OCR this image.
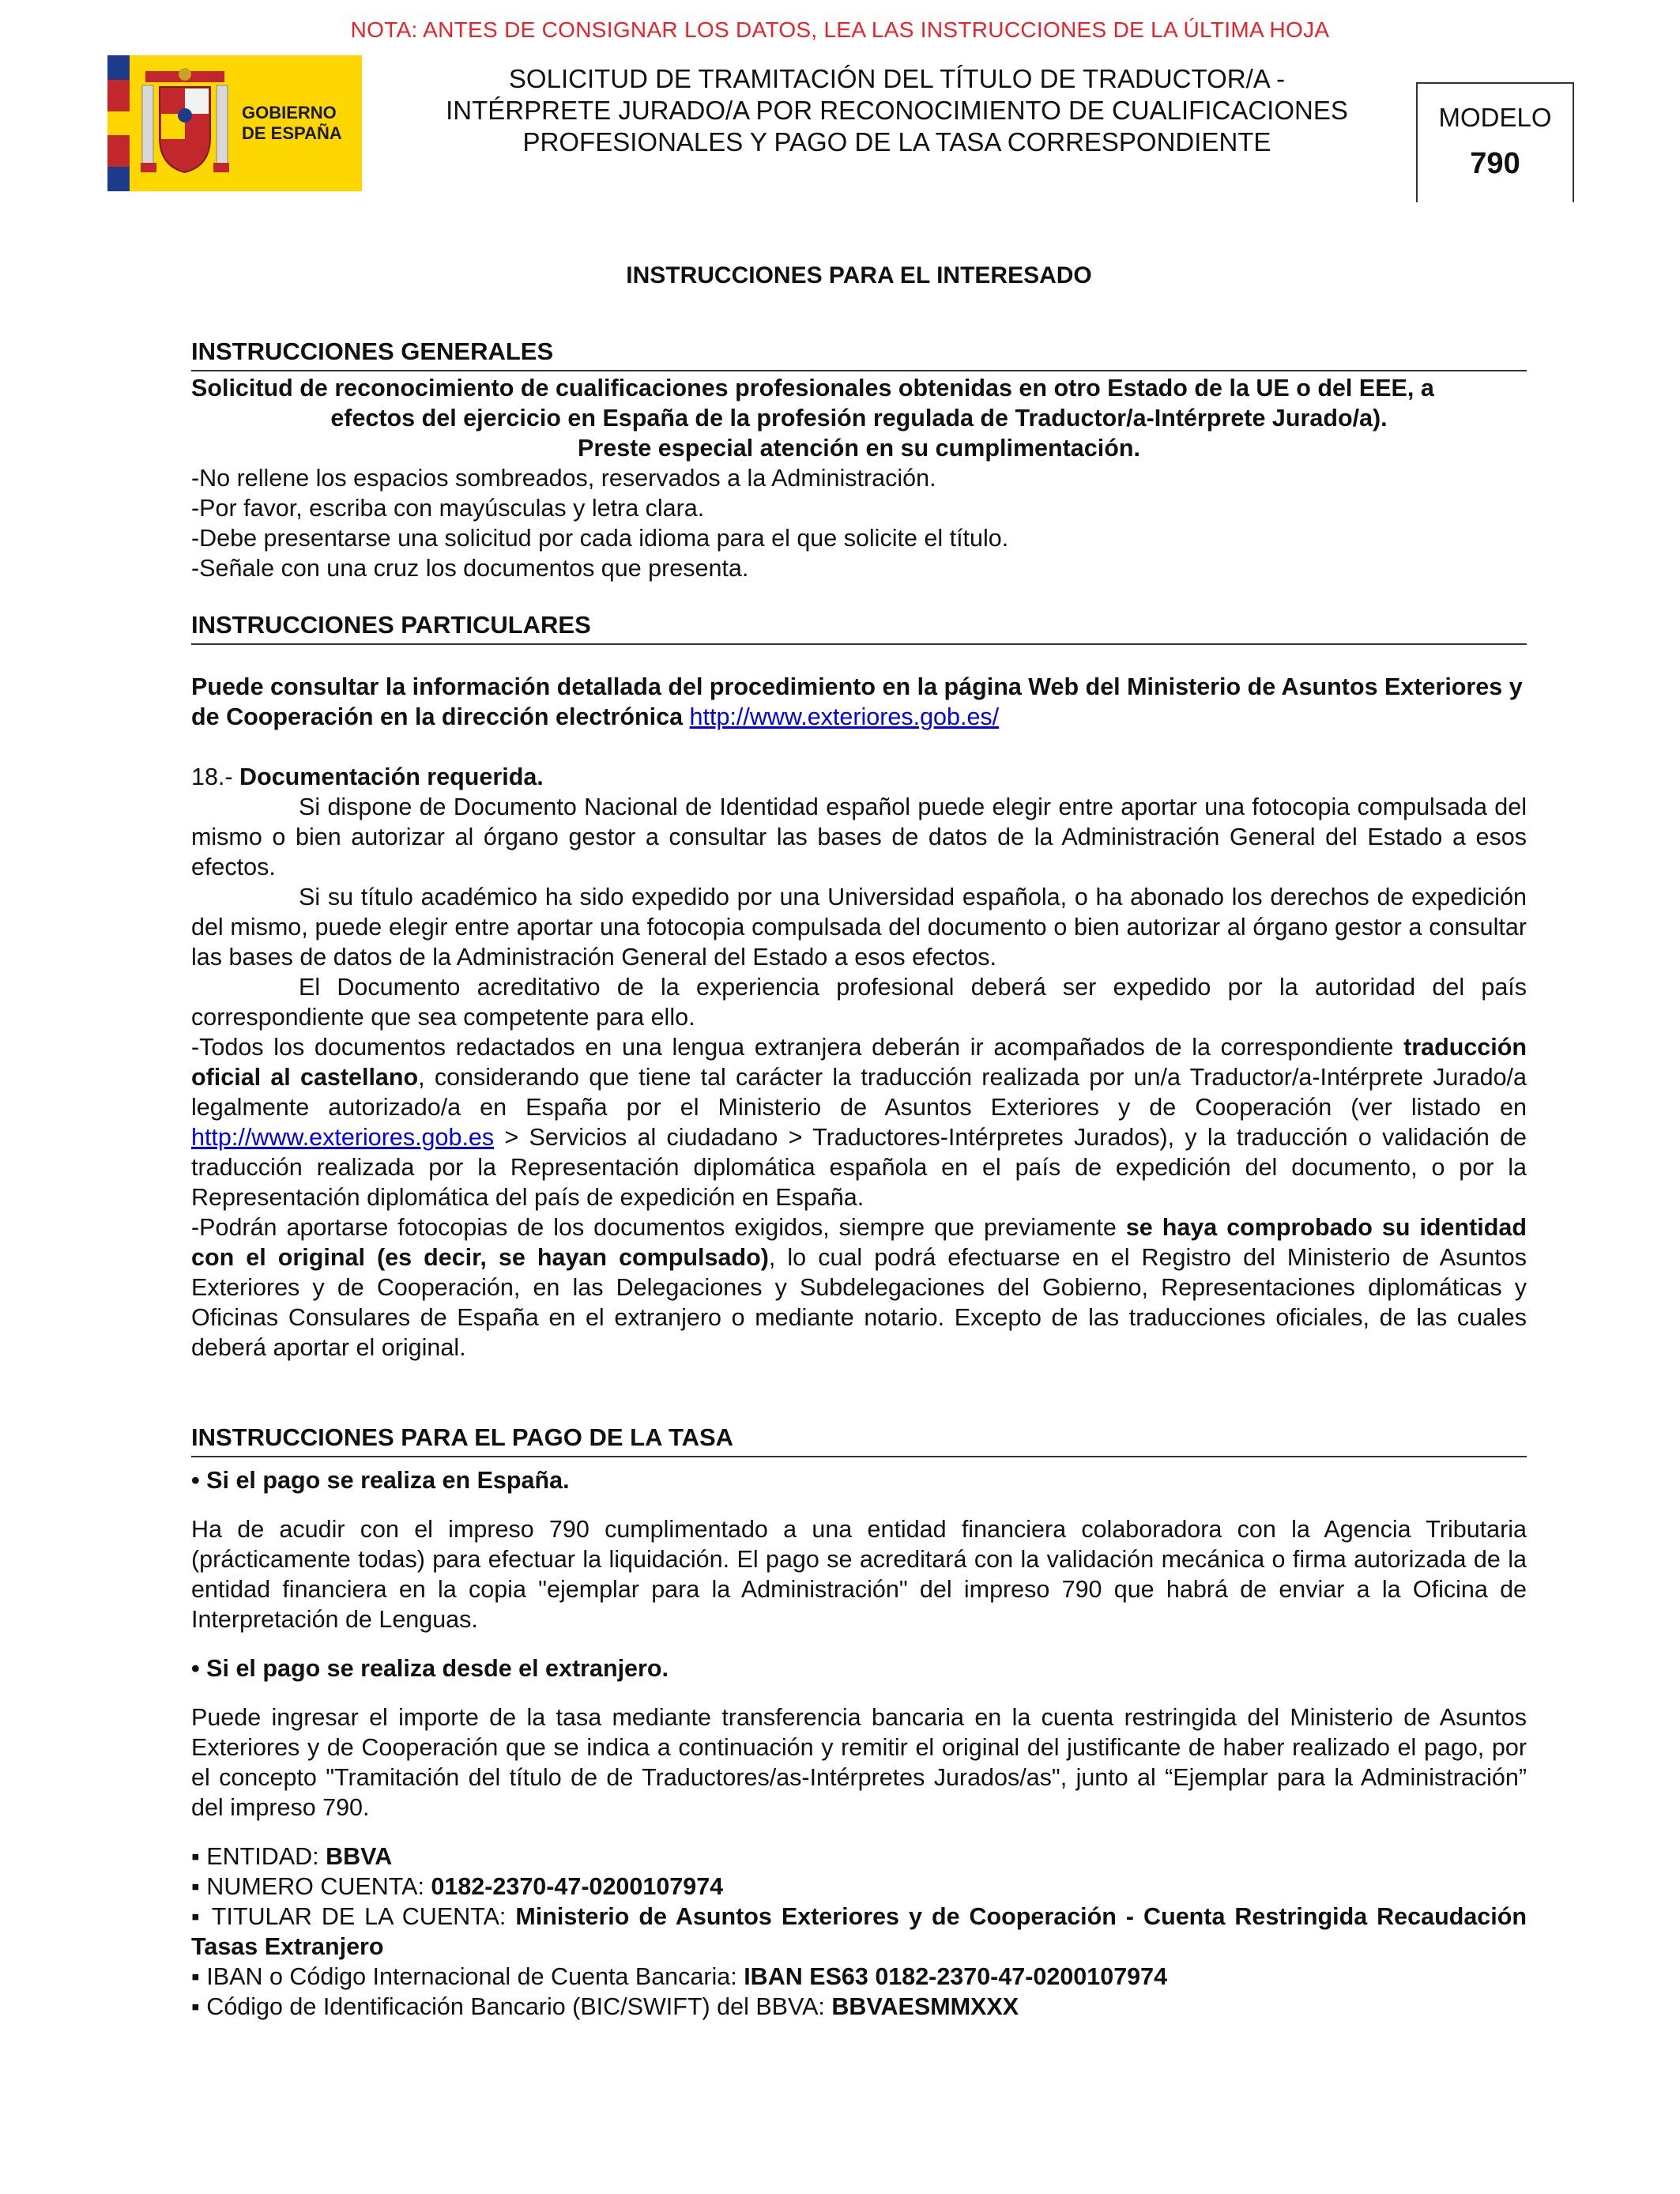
NOTA: ANTES DE CONSIGNAR LOS DATOS, LEA LAS INSTRUCCIONES DE LA ÚLTIMA HOJA
GOBIERNO
DE ESPAÑA
SOLICITUD DE TRAMITACIÓN DEL TÍTULO DE TRADUCTOR/A -
INTÉRPRETE JURADO/A POR RECONOCIMIENTO DE CUALIFICACIONES
PROFESIONALES Y PAGO DE LA TASA CORRESPONDIENTE
MODELO
790
INSTRUCCIONES PARA EL INTERESADO
INSTRUCCIONES GENERALES

Solicitud de reconocimiento de cualificaciones profesionales obtenidas en otro Estado de la UE o del EEE, a

efectos del ejercicio en España de la profesión regulada de Traductor/a-Intérprete Jurado/a).

Preste especial atención en su cumplimentación.

-No rellene los espacios sombreados, reservados a la Administración.

-Por favor, escriba con mayúsculas y letra clara.

-Debe presentarse una solicitud por cada idioma para el que solicite el título.

-Señale con una cruz los documentos que presenta.

INSTRUCCIONES PARTICULARES

Puede consultar la información detallada del procedimiento en la página Web del Ministerio de Asuntos Exteriores y de Cooperación en la dirección electrónica http://www.exteriores.gob.es/

18.- Documentación requerida.

Si dispone de Documento Nacional de Identidad español puede elegir entre aportar una fotocopia compulsada del mismo o bien autorizar al órgano gestor a consultar las bases de datos de la Administración General del Estado a esos efectos.

Si su título académico ha sido expedido por una Universidad española, o ha abonado los derechos de expedición del mismo, puede elegir entre aportar una fotocopia compulsada del documento o bien autorizar al órgano gestor a consultar las bases de datos de la Administración General del Estado a esos efectos.

El Documento acreditativo de la experiencia profesional deberá ser expedido por la autoridad del país correspondiente que sea competente para ello.

-Todos los documentos redactados en una lengua extranjera deberán ir acompañados de la correspondiente traducción oficial al castellano, considerando que tiene tal carácter la traducción realizada por un/a Traductor/a-Intérprete Jurado/a legalmente autorizado/a en España por el Ministerio de Asuntos Exteriores y de Cooperación (ver listado en http://www.exteriores.gob.es > Servicios al ciudadano > Traductores-Intérpretes Jurados), y la traducción o validación de traducción realizada por la Representación diplomática española en el país de expedición del documento, o por la Representación diplomática del país de expedición en España.

-Podrán aportarse fotocopias de los documentos exigidos, siempre que previamente se haya comprobado su identidad con el original (es decir, se hayan compulsado), lo cual podrá efectuarse en el Registro del Ministerio de Asuntos Exteriores y de Cooperación, en las Delegaciones y Subdelegaciones del Gobierno, Representaciones diplomáticas y Oficinas Consulares de España en el extranjero o mediante notario. Excepto de las traducciones oficiales, de las cuales deberá aportar el original.

INSTRUCCIONES PARA EL PAGO DE LA TASA

• Si el pago se realiza en España.

Ha de acudir con el impreso 790 cumplimentado a una entidad financiera colaboradora con la Agencia Tributaria (prácticamente todas) para efectuar la liquidación. El pago se acreditará con la validación mecánica o firma autorizada de la entidad financiera en la copia "ejemplar para la Administración" del impreso 790 que habrá de enviar a la Oficina de Interpretación de Lenguas.

• Si el pago se realiza desde el extranjero.

Puede ingresar el importe de la tasa mediante transferencia bancaria en la cuenta restringida del Ministerio de Asuntos Exteriores y de Cooperación que se indica a continuación y remitir el original del justificante de haber realizado el pago, por el concepto "Tramitación del título de de Traductores/as-Intérpretes Jurados/as", junto al “Ejemplar para la Administración” del impreso 790.

▪ ENTIDAD: BBVA

▪ NUMERO CUENTA: 0182-2370-47-0200107974

▪ TITULAR DE LA CUENTA: Ministerio de Asuntos Exteriores y de Cooperación - Cuenta Restringida Recaudación Tasas Extranjero

▪ IBAN o Código Internacional de Cuenta Bancaria: IBAN ES63 0182-2370-47-0200107974

▪ Código de Identificación Bancario (BIC/SWIFT) del BBVA: BBVAESMMXXX
